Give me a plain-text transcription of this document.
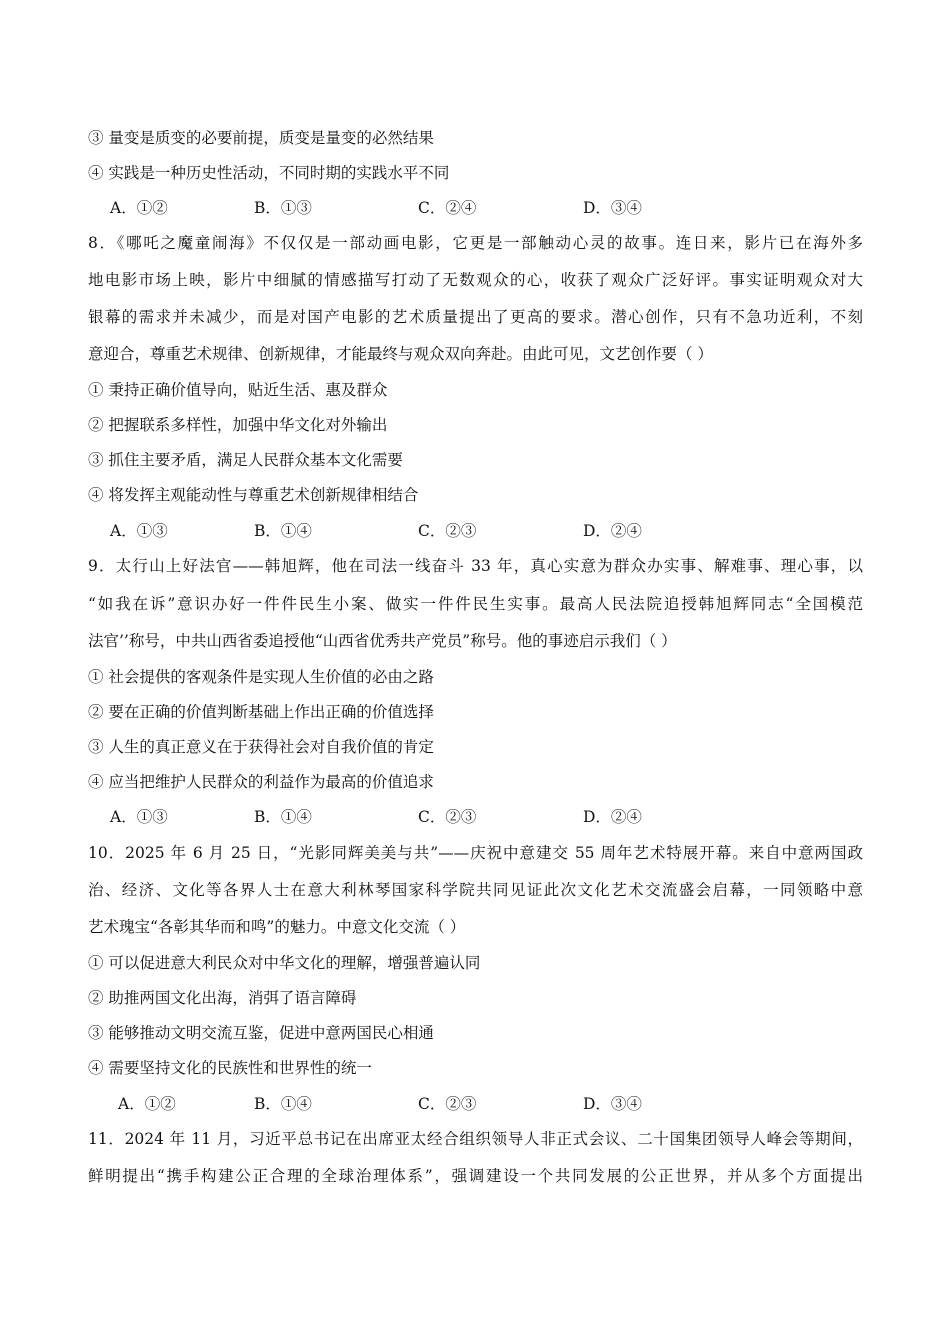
③ 量变是质变的必要前提，质变是量变的必然结果
④ 实践是一种历史性活动，不同时期的实践水平不同
A．①②	B．①③	C．②④	D．③④
8．《哪吒之魔童闹海》不仅仅是一部动画电影，它更是一部触动心灵的故事。连日来，影片已在海外多
地电影市场上映，影片中细腻的情感描写打动了无数观众的心，收获了观众广泛好评。事实证明观众对大
银幕的需求并未减少，而是对国产电影的艺术质量提出了更高的要求。潜心创作，只有不急功近利，不刻
意迎合，尊重艺术规律、创新规律，才能最终与观众双向奔赴。由此可见，文艺创作要（ ）
① 秉持正确价值导向，贴近生活、惠及群众
② 把握联系多样性，加强中华文化对外输出
③ 抓住主要矛盾，满足人民群众基本文化需要
④ 将发挥主观能动性与尊重艺术创新规律相结合
A．①③	B．①④	C．②③	D．②④
9．太行山上好法官——韩旭辉，他在司法一线奋斗 33 年，真心实意为群众办实事、解难事、理心事，以
“如我在诉”意识办好一件件民生小案、做实一件件民生实事。最高人民法院追授韩旭辉同志“全国模范
法官’’称号，中共山西省委追授他“山西省优秀共产党员”称号。他的事迹启示我们（ ）
① 社会提供的客观条件是实现人生价值的必由之路
② 要在正确的价值判断基础上作出正确的价值选择
③ 人生的真正意义在于获得社会对自我价值的肯定
④ 应当把维护人民群众的利益作为最高的价值追求
A．①③	B．①④	C．②③	D．②④
10．2025 年 6 月 25 日，“光影同辉美美与共”——庆祝中意建交 55 周年艺术特展开幕。来自中意两国政
治、经济、文化等各界人士在意大利林琴国家科学院共同见证此次文化艺术交流盛会启幕，一同领略中意
艺术瑰宝“各彰其华而和鸣”的魅力。中意文化交流（ ）
① 可以促进意大利民众对中华文化的理解，增强普遍认同
② 助推两国文化出海，消弭了语言障碍
③ 能够推动文明交流互鉴，促进中意两国民心相通
④ 需要坚持文化的民族性和世界性的统一
A．①②	B．①④	C．②③	D．③④
11．2024 年 11 月，习近平总书记在出席亚太经合组织领导人非正式会议、二十国集团领导人峰会等期间，
鲜明提出“携手构建公正合理的全球治理体系”，强调建设一个共同发展的公正世界，并从多个方面提出
